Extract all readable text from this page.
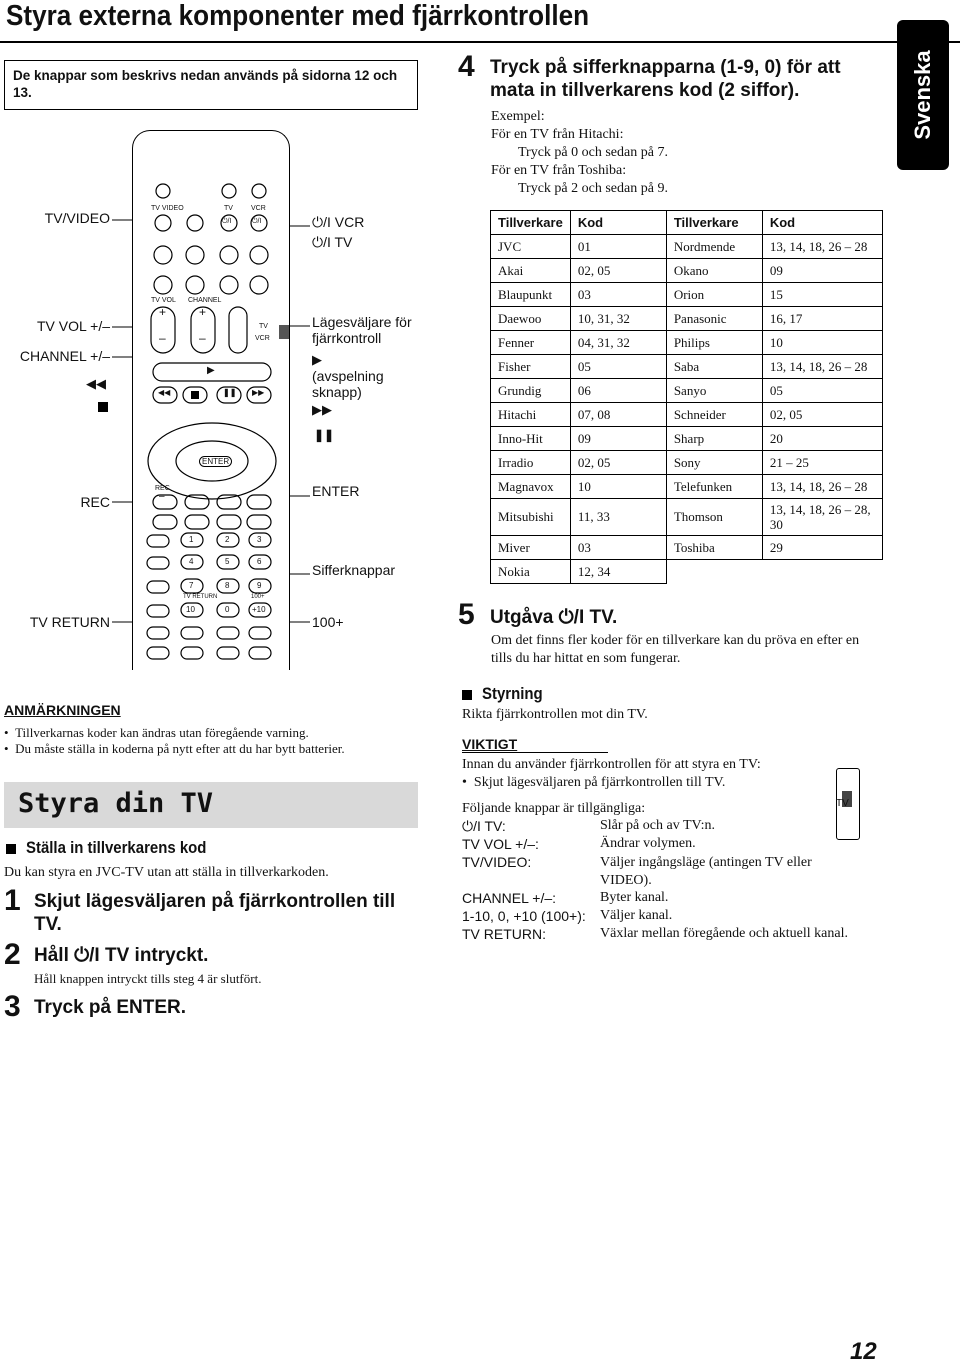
Styra externa komponenter med fjärrkontrollen
Svenska
De knappar som beskrivs nedan används på sidorna 12 och 13.
TV/VIDEO
TV VOL +/–
CHANNEL +/–
◀◀
REC
TV RETURN
⏻/I VCR
⏻/I TV
Lägesväljare för fjärrkontroll
▶
(avspelning sknapp)
▶▶
❚❚
ENTER
Sifferknappar
100+
TV VIDEO	TV	VCR
⏻/I	⏻/I
TV VOL CHANNEL
+
–
+
–
TV
VCR
▶
◀◀	❚❚ ▶▶
ENTER
REC
–
1	2	3
4	5	6
7	8	9
TV RETURN	100+
10	0	+10
4 Tryck på sifferknapparna (1-9, 0) för att mata in tillverkarens kod (2 siffor).
Exempel:
För en TV från Hitachi:
Tryck på 0 och sedan på 7.
För en TV från Toshiba:
Tryck på 2 och sedan på 9.
Tillverkare	Kod	Tillverkare	Kod
JVC	01	Nordmende	13, 14, 18, 26 – 28
Akai	02, 05	Okano	09
Blaupunkt	03	Orion	15
Daewoo	10, 31, 32	Panasonic	16, 17
Fenner	04, 31, 32	Philips	10
Fisher	05	Saba	13, 14, 18, 26 – 28
Grundig	06	Sanyo	05
Hitachi	07, 08	Schneider	02, 05
Inno-Hit	09	Sharp	20
Irradio	02, 05	Sony	21 – 25
Magnavox	10	Telefunken	13, 14, 18, 26 – 28
Mitsubishi	11, 33	Thomson	13, 14, 18, 26 – 28, 30
Miver	03	Toshiba	29
Nokia	12, 34		
5 Utgåva ⏻/I TV.
Om det finns fler koder för en tillverkare kan du pröva en efter en tills du har hittat en som fungerar.
ANMÄRKNINGEN
•  Tillverkarnas koder kan ändras utan föregående varning.
•  Du måste ställa in koderna på nytt efter att du har bytt batterier.
Styra din TV
Ställa in tillverkarens kod
Du kan styra en JVC-TV utan att ställa in tillverkarkoden.
1 Skjut lägesväljaren på fjärrkontrollen till TV.
2 Håll ⏻/I TV intryckt.
Håll knappen intryckt tills steg 4 är slutfört.
3 Tryck på ENTER.
Styrning
Rikta fjärrkontrollen mot din TV.
VIKTIGT
Innan du använder fjärrkontrollen för att styra en TV:
•  Skjut lägesväljaren på fjärrkontrollen till TV.
TV
Följande knappar är tillgängliga:
⏻/I TV:	Slår på och av TV:n.
TV VOL +/–:	Ändrar volymen.
TV/VIDEO:	Väljer ingångsläge (antingen TV eller VIDEO).
CHANNEL +/–:	Byter kanal.
1-10, 0, +10 (100+): Väljer kanal.
TV RETURN:	Växlar mellan föregående och aktuell kanal.
12
